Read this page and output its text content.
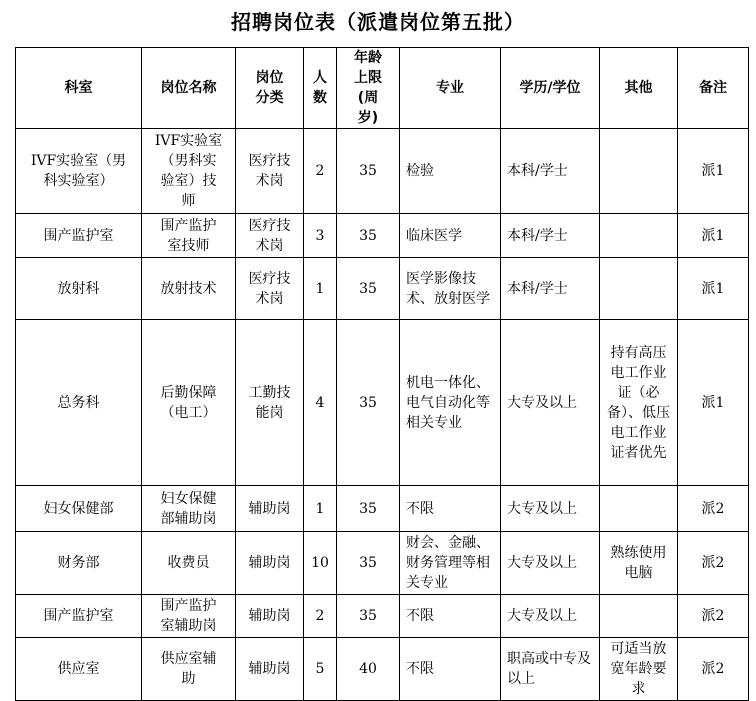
招聘岗位表（派遣岗位第五批）
科室	岗位名称	岗位分类	人数	年龄上限(周岁)	专业	学历/学位	其他	备注
IVF实验室（男科实验室）	IVF实验室（男科实验室）技师	医疗技术岗	2	35	检验	本科/学士		派1
围产监护室	围产监护室技师	医疗技术岗	3	35	临床医学	本科/学士		派1
放射科	放射技术	医疗技术岗	1	35	医学影像技术、放射医学	本科/学士		派1
总务科	后勤保障（电工）	工勤技能岗	4	35	机电一体化、电气自动化等相关专业	大专及以上	持有高压电工作业证（必备）、低压电工作业证者优先	派1
妇女保健部	妇女保健部辅助岗	辅助岗	1	35	不限	大专及以上		派2
财务部	收费员	辅助岗	10	35	财会、金融、财务管理等相关专业	大专及以上	熟练使用电脑	派2
围产监护室	围产监护室辅助岗	辅助岗	2	35	不限	大专及以上		派2
供应室	供应室辅助	辅助岗	5	40	不限	职高或中专及以上	可适当放宽年龄要求	派2
